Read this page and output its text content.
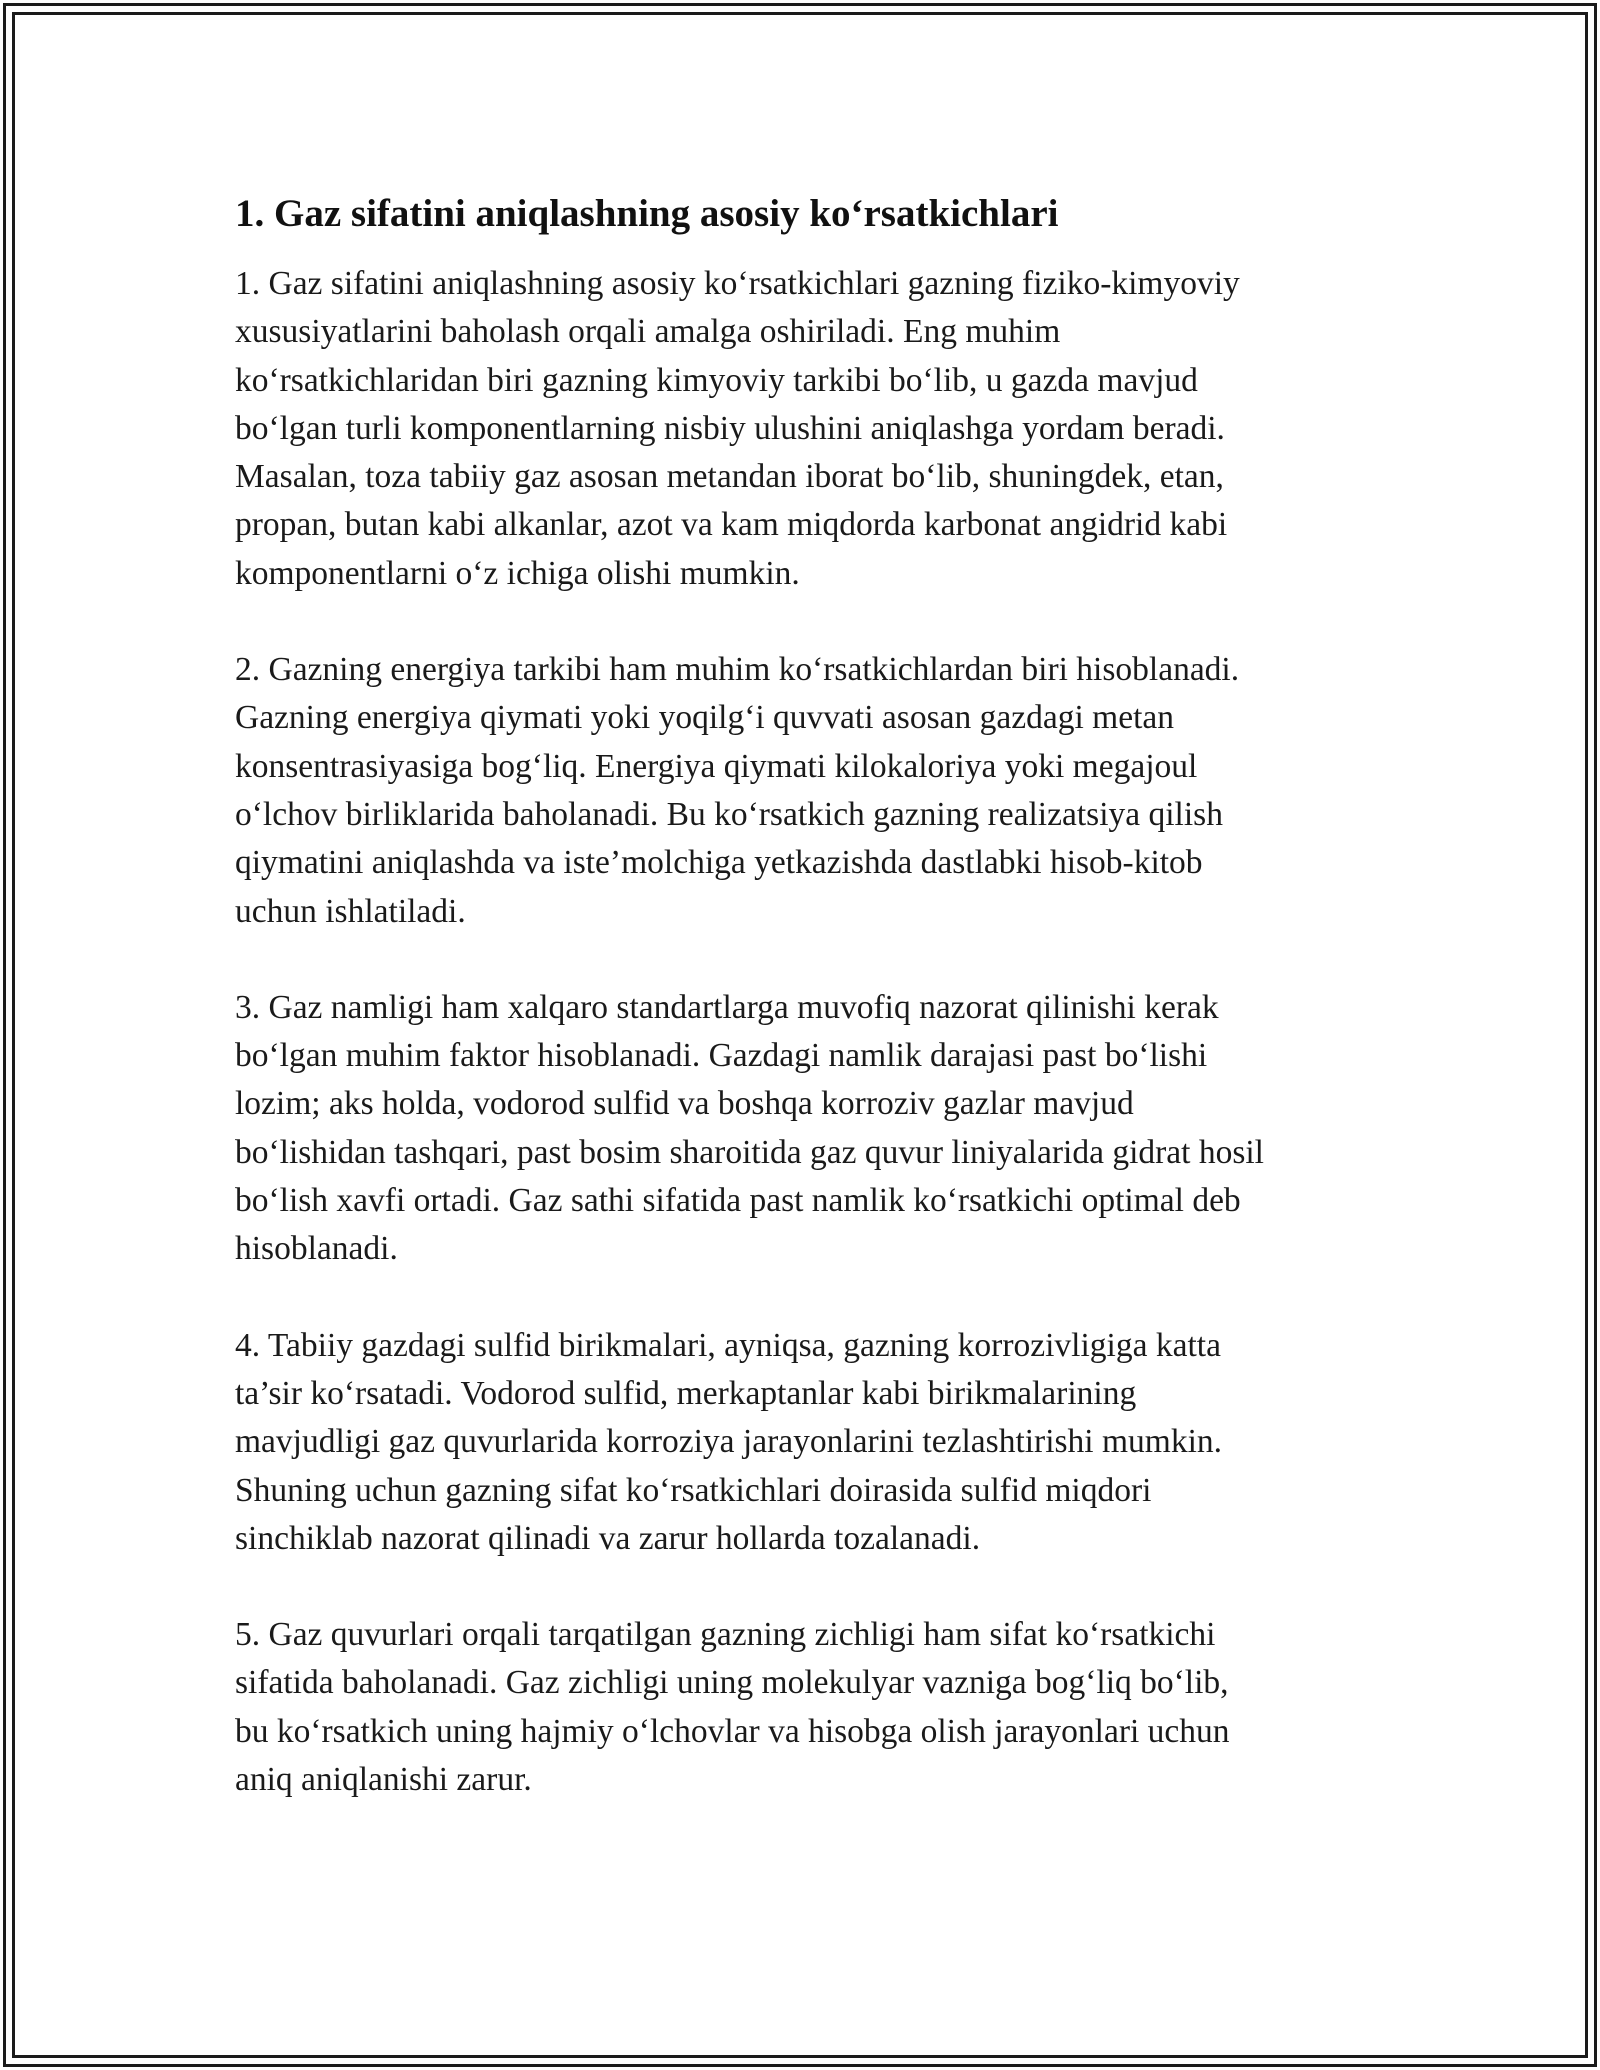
1. Gaz sifatini aniqlashning asosiy ko‘rsatkichlari

1. Gaz sifatini aniqlashning asosiy ko‘rsatkichlari gazning fiziko-kimyoviy
xususiyatlarini baholash orqali amalga oshiriladi. Eng muhim
ko‘rsatkichlaridan biri gazning kimyoviy tarkibi bo‘lib, u gazda mavjud
bo‘lgan turli komponentlarning nisbiy ulushini aniqlashga yordam beradi.
Masalan, toza tabiiy gaz asosan metandan iborat bo‘lib, shuningdek, etan,
propan, butan kabi alkanlar, azot va kam miqdorda karbonat angidrid kabi
komponentlarni o‘z ichiga olishi mumkin.

2. Gazning energiya tarkibi ham muhim ko‘rsatkichlardan biri hisoblanadi.
Gazning energiya qiymati yoki yoqilg‘i quvvati asosan gazdagi metan
konsentrasiyasiga bog‘liq. Energiya qiymati kilokaloriya yoki megajoul
o‘lchov birliklarida baholanadi. Bu ko‘rsatkich gazning realizatsiya qilish
qiymatini aniqlashda va iste’molchiga yetkazishda dastlabki hisob-kitob
uchun ishlatiladi.

3. Gaz namligi ham xalqaro standartlarga muvofiq nazorat qilinishi kerak
bo‘lgan muhim faktor hisoblanadi. Gazdagi namlik darajasi past bo‘lishi
lozim; aks holda, vodorod sulfid va boshqa korroziv gazlar mavjud
bo‘lishidan tashqari, past bosim sharoitida gaz quvur liniyalarida gidrat hosil
bo‘lish xavfi ortadi. Gaz sathi sifatida past namlik ko‘rsatkichi optimal deb
hisoblanadi.

4. Tabiiy gazdagi sulfid birikmalari, ayniqsa, gazning korrozivligiga katta
ta’sir ko‘rsatadi. Vodorod sulfid, merkaptanlar kabi birikmalarining
mavjudligi gaz quvurlarida korroziya jarayonlarini tezlashtirishi mumkin.
Shuning uchun gazning sifat ko‘rsatkichlari doirasida sulfid miqdori
sinchiklab nazorat qilinadi va zarur hollarda tozalanadi.

5. Gaz quvurlari orqali tarqatilgan gazning zichligi ham sifat ko‘rsatkichi
sifatida baholanadi. Gaz zichligi uning molekulyar vazniga bog‘liq bo‘lib,
bu ko‘rsatkich uning hajmiy o‘lchovlar va hisobga olish jarayonlari uchun
aniq aniqlanishi zarur.
